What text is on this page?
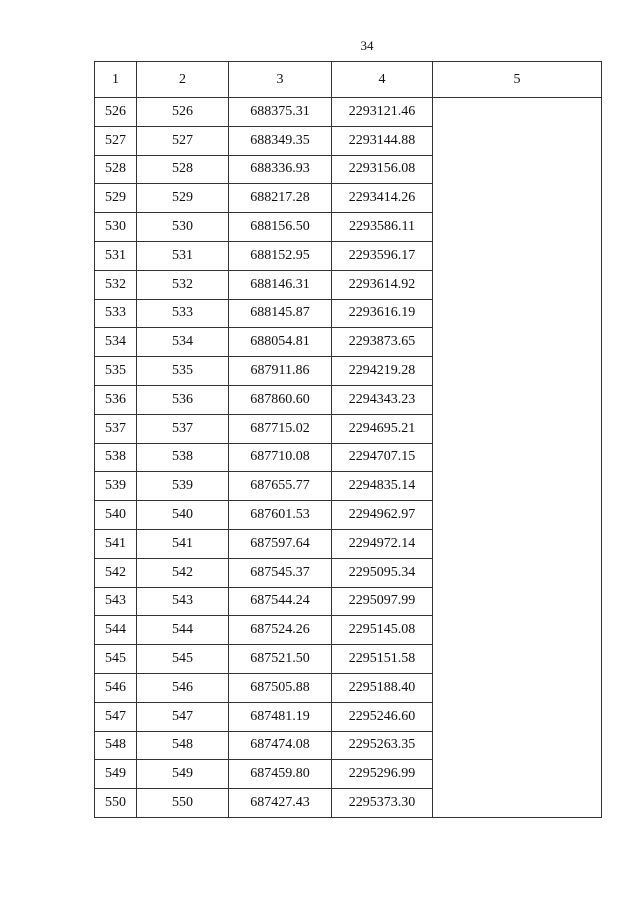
34
1	2	3	4	5
526	526	688375.31	2293121.46	
527	527	688349.35	2293144.88	
528	528	688336.93	2293156.08	
529	529	688217.28	2293414.26	
530	530	688156.50	2293586.11	
531	531	688152.95	2293596.17	
532	532	688146.31	2293614.92	
533	533	688145.87	2293616.19	
534	534	688054.81	2293873.65	
535	535	687911.86	2294219.28	
536	536	687860.60	2294343.23	
537	537	687715.02	2294695.21	
538	538	687710.08	2294707.15	
539	539	687655.77	2294835.14	
540	540	687601.53	2294962.97	
541	541	687597.64	2294972.14	
542	542	687545.37	2295095.34	
543	543	687544.24	2295097.99	
544	544	687524.26	2295145.08	
545	545	687521.50	2295151.58	
546	546	687505.88	2295188.40	
547	547	687481.19	2295246.60	
548	548	687474.08	2295263.35	
549	549	687459.80	2295296.99	
550	550	687427.43	2295373.30	
